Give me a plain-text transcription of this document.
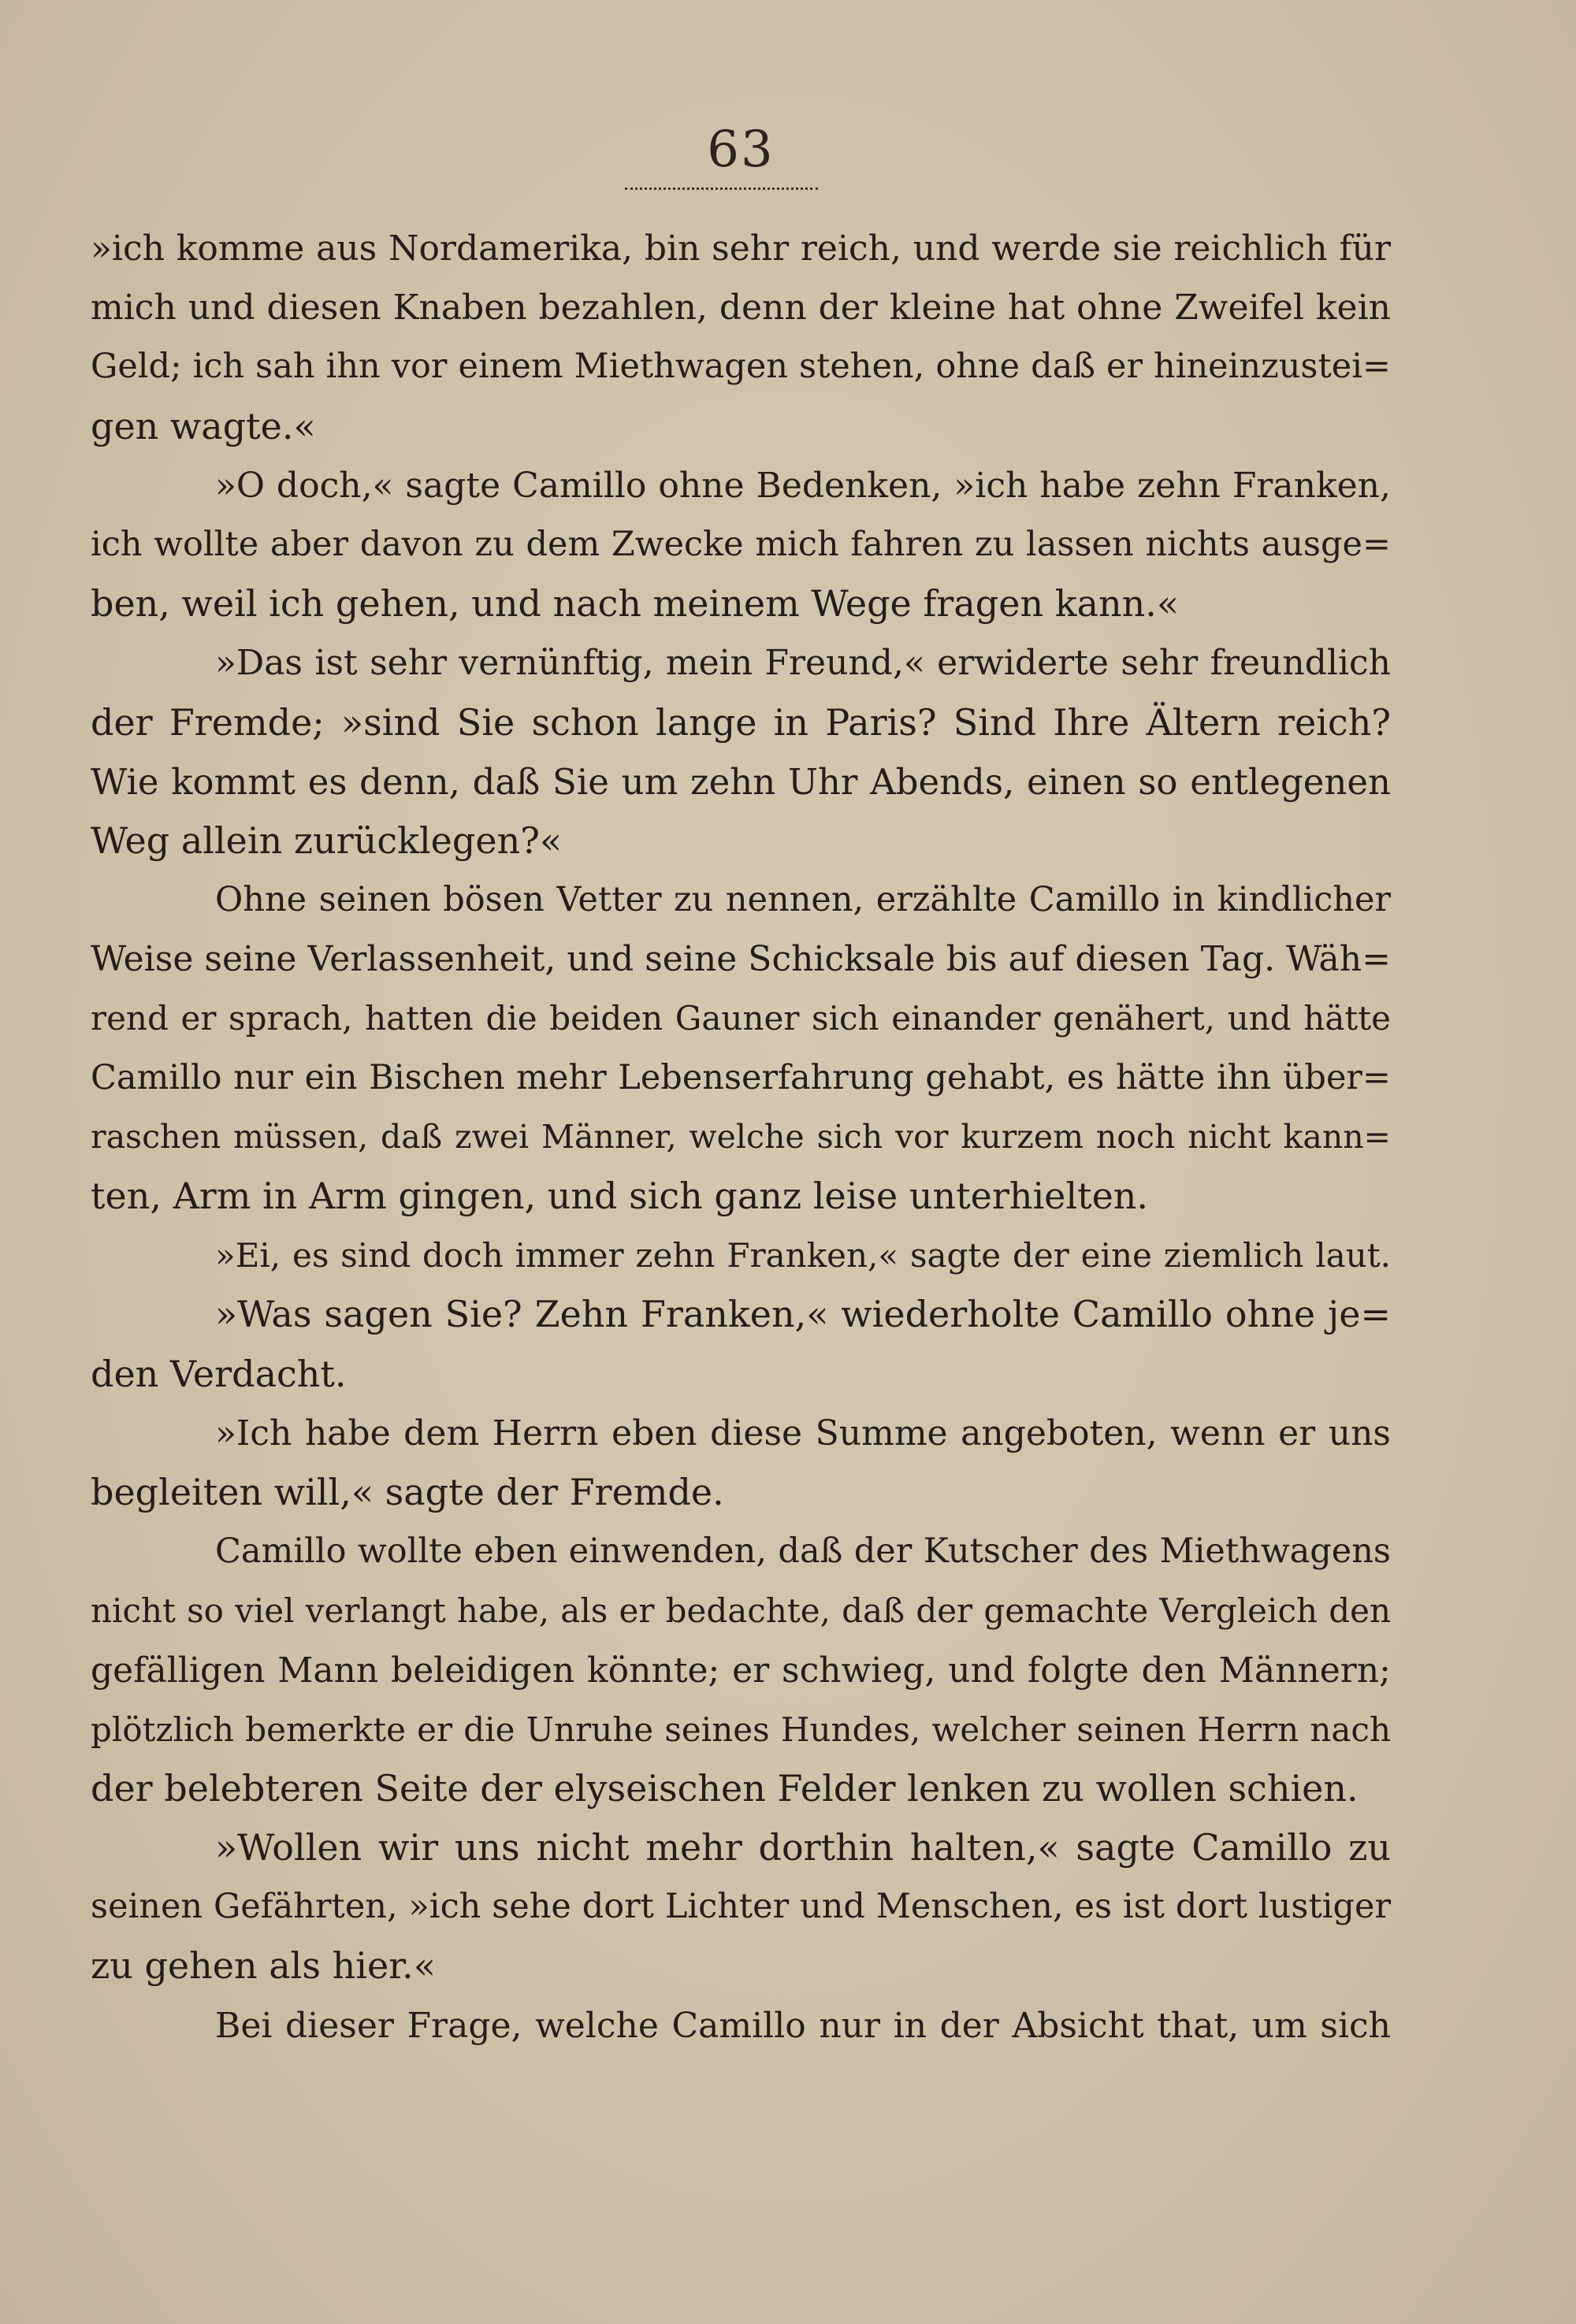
63
»ich komme aus Nordamerika, bin sehr reich, und werde sie reichlich für
mich und diesen Knaben bezahlen, denn der kleine hat ohne Zweifel kein
Geld; ich sah ihn vor einem Miethwagen stehen, ohne daß er hineinzustei=
gen wagte.«
»O doch,« sagte Camillo ohne Bedenken, »ich habe zehn Franken,
ich wollte aber davon zu dem Zwecke mich fahren zu lassen nichts ausge=
ben, weil ich gehen, und nach meinem Wege fragen kann.«
»Das ist sehr vernünftig, mein Freund,« erwiderte sehr freundlich
der Fremde; »sind Sie schon lange in Paris? Sind Ihre Ältern reich?
Wie kommt es denn, daß Sie um zehn Uhr Abends, einen so entlegenen
Weg allein zurücklegen?«
Ohne seinen bösen Vetter zu nennen, erzählte Camillo in kindlicher
Weise seine Verlassenheit, und seine Schicksale bis auf diesen Tag. Wäh=
rend er sprach, hatten die beiden Gauner sich einander genähert, und hätte
Camillo nur ein Bischen mehr Lebenserfahrung gehabt, es hätte ihn über=
raschen müssen, daß zwei Männer, welche sich vor kurzem noch nicht kann=
ten, Arm in Arm gingen, und sich ganz leise unterhielten.
»Ei, es sind doch immer zehn Franken,« sagte der eine ziemlich laut.
»Was sagen Sie? Zehn Franken,« wiederholte Camillo ohne je=
den Verdacht.
»Ich habe dem Herrn eben diese Summe angeboten, wenn er uns
begleiten will,« sagte der Fremde.
Camillo wollte eben einwenden, daß der Kutscher des Miethwagens
nicht so viel verlangt habe, als er bedachte, daß der gemachte Vergleich den
gefälligen Mann beleidigen könnte; er schwieg, und folgte den Männern;
plötzlich bemerkte er die Unruhe seines Hundes, welcher seinen Herrn nach
der belebteren Seite der elyseischen Felder lenken zu wollen schien.
»Wollen wir uns nicht mehr dorthin halten,« sagte Camillo zu
seinen Gefährten, »ich sehe dort Lichter und Menschen, es ist dort lustiger
zu gehen als hier.«
Bei dieser Frage, welche Camillo nur in der Absicht that, um sich
